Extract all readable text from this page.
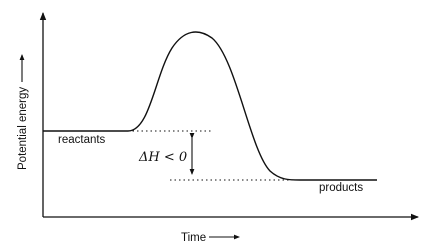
reactants
products
ΔH < 0
Time
Potential energy
